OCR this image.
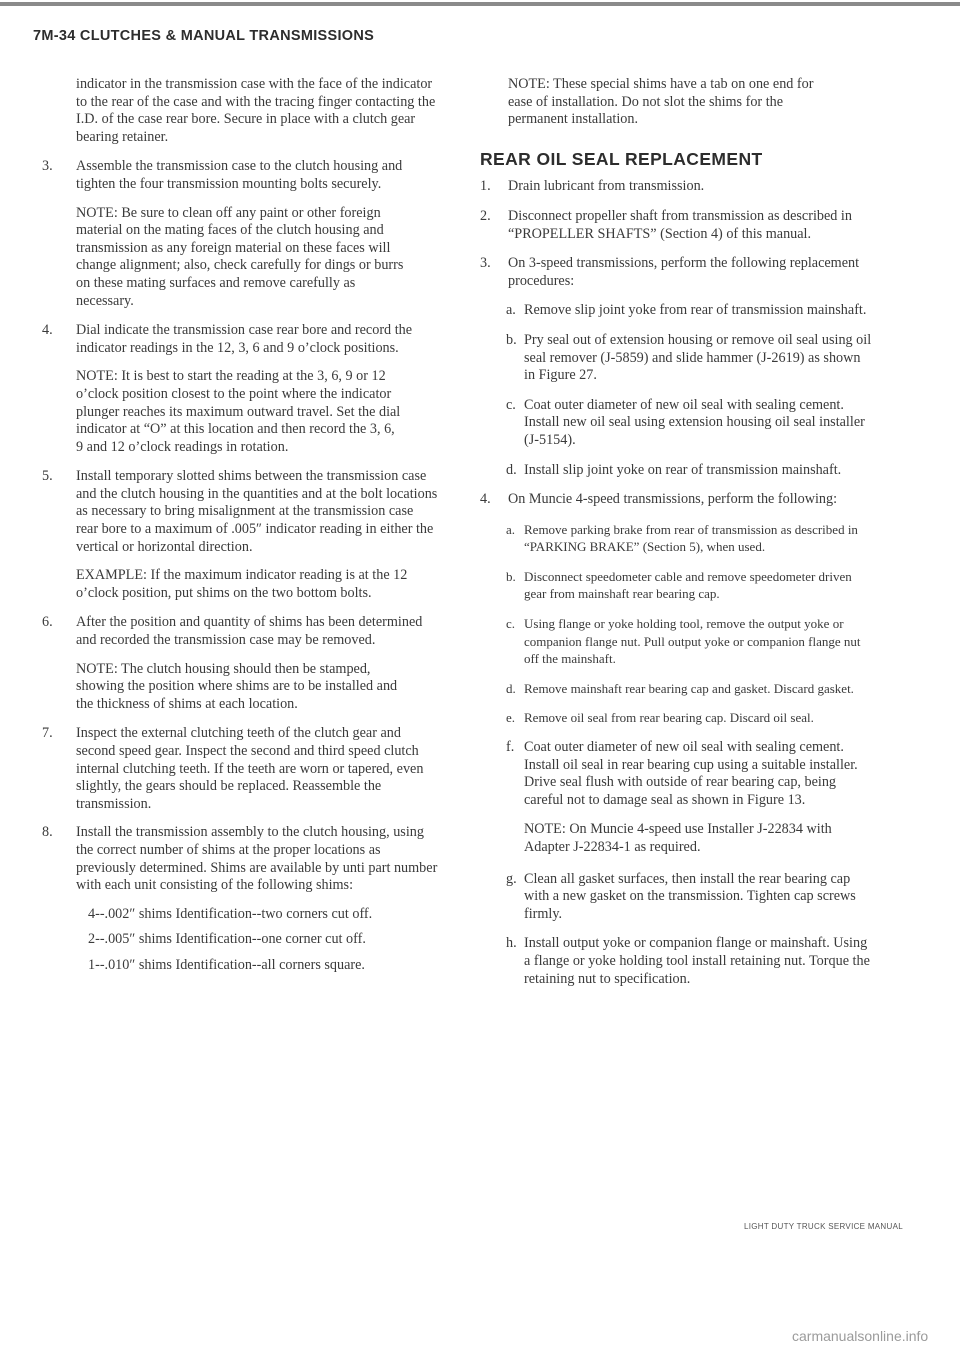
7M-34 CLUTCHES & MANUAL TRANSMISSIONS

indicator in the transmission case with the face of the indicator to the rear of the case and with the tracing finger contacting the I.D. of the case rear bore. Secure in place with a clutch gear bearing retainer.

3. Assemble the transmission case to the clutch housing and tighten the four transmission mounting bolts securely.

NOTE: Be sure to clean off any paint or other foreign material on the mating faces of the clutch housing and transmission as any foreign material on these faces will change alignment; also, check carefully for dings or burrs on these mating surfaces and remove carefully as necessary.

4. Dial indicate the transmission case rear bore and record the indicator readings in the 12, 3, 6 and 9 o’clock positions.

NOTE: It is best to start the reading at the 3, 6, 9 or 12 o’clock position closest to the point where the indicator plunger reaches its maximum outward travel. Set the dial indicator at “O” at this location and then record the 3, 6, 9 and 12 o’clock readings in rotation.

5. Install temporary slotted shims between the transmission case and the clutch housing in the quantities and at the bolt locations as necessary to bring misalignment at the transmission case rear bore to a maximum of .005″ indicator reading in either the vertical or horizontal direction.

EXAMPLE: If the maximum indicator reading is at the 12 o’clock position, put shims on the two bottom bolts.

6. After the position and quantity of shims has been determined and recorded the transmission case may be removed.

NOTE: The clutch housing should then be stamped, showing the position where shims are to be installed and the thickness of shims at each location.

7. Inspect the external clutching teeth of the clutch gear and second speed gear. Inspect the second and third speed clutch internal clutching teeth. If the teeth are worn or tapered, even slightly, the gears should be replaced. Reassemble the transmission.

8. Install the transmission assembly to the clutch housing, using the correct number of shims at the proper locations as previously determined. Shims are available by unti part number with each unit consisting of the following shims:

4--.002″ shims Identification--two corners cut off.

2--.005″ shims Identification--one corner cut off.

1--.010″ shims Identification--all corners square.

NOTE: These special shims have a tab on one end for ease of installation. Do not slot the shims for the permanent installation.

REAR OIL SEAL REPLACEMENT
1. Drain lubricant from transmission.

2. Disconnect propeller shaft from transmission as described in “PROPELLER SHAFTS” (Section 4) of this manual.

3. On 3-speed transmissions, perform the following replacement procedures:

a. Remove slip joint yoke from rear of transmission mainshaft.

b. Pry seal out of extension housing or remove oil seal using oil seal remover (J-5859) and slide hammer (J-2619) as shown in Figure 27.

c. Coat outer diameter of new oil seal with sealing cement. Install new oil seal using extension housing oil seal installer (J-5154).

d. Install slip joint yoke on rear of transmission mainshaft.

4. On Muncie 4-speed transmissions, perform the following:

a. Remove parking brake from rear of transmission as described in “PARKING BRAKE” (Section 5), when used.

b. Disconnect speedometer cable and remove speedometer driven gear from mainshaft rear bearing cap.

c. Using flange or yoke holding tool, remove the output yoke or companion flange nut. Pull output yoke or companion flange nut off the mainshaft.

d. Remove mainshaft rear bearing cap and gasket. Discard gasket.

e. Remove oil seal from rear bearing cap. Discard oil seal.

f. Coat outer diameter of new oil seal with sealing cement. Install oil seal in rear bearing cup using a suitable installer. Drive seal flush with outside of rear bearing cap, being careful not to damage seal as shown in Figure 13.

NOTE: On Muncie 4-speed use Installer J-22834 with Adapter J-22834-1 as required.

g. Clean all gasket surfaces, then install the rear bearing cap with a new gasket on the transmission. Tighten cap screws firmly.

h. Install output yoke or companion flange or mainshaft. Using a flange or yoke holding tool install retaining nut. Torque the retaining nut to specification.

LIGHT DUTY TRUCK SERVICE MANUAL

carmanualsonline.info
